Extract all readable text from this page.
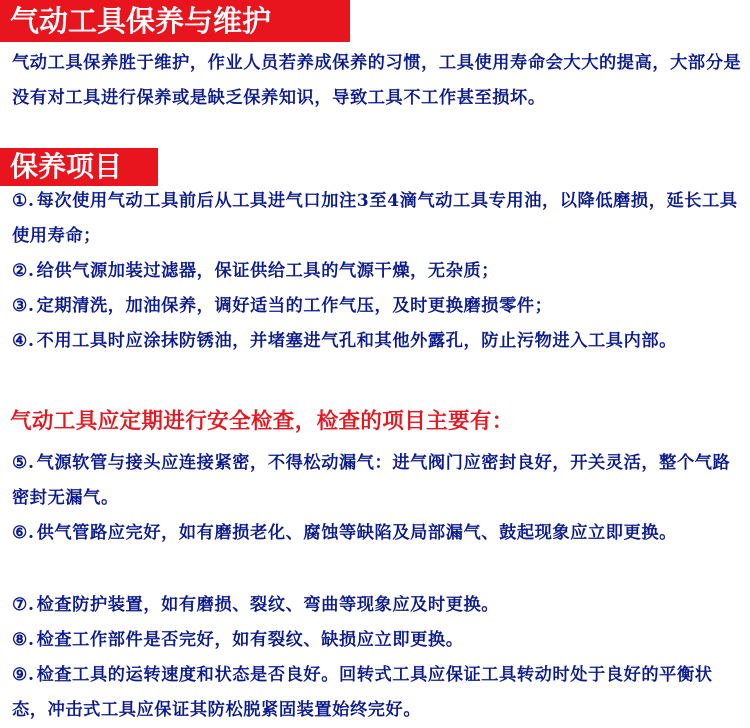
气动工具保养与维护
气动工具保养胜于维护，作业人员若养成保养的习惯，工具使用寿命会大大的提高，大部分是没有对工具进行保养或是缺乏保养知识，导致工具不工作甚至损坏。
保养项目
①. 每次使用气动工具前后从工具进气口加注3至4滴气动工具专用油，以降低磨损，延长工具使用寿命；
②. 给供气源加装过滤器，保证供给工具的气源干燥，无杂质；
③. 定期清洗，加油保养，调好适当的工作气压，及时更换磨损零件；
④. 不用工具时应涂抹防锈油，并堵塞进气孔和其他外露孔，防止污物进入工具内部。
气动工具应定期进行安全检查，检查的项目主要有：
⑤. 气源软管与接头应连接紧密，不得松动漏气：进气阀门应密封良好，开关灵活，整个气路密封无漏气。
⑥. 供气管路应完好，如有磨损老化、腐蚀等缺陷及局部漏气、鼓起现象应立即更换。
⑦. 检查防护装置，如有磨损、裂纹、弯曲等现象应及时更换。
⑧. 检查工作部件是否完好，如有裂纹、缺损应立即更换。
⑨. 检查工具的运转速度和状态是否良好。回转式工具应保证工具转动时处于良好的平衡状态，冲击式工具应保证其防松脱紧固装置始终完好。
